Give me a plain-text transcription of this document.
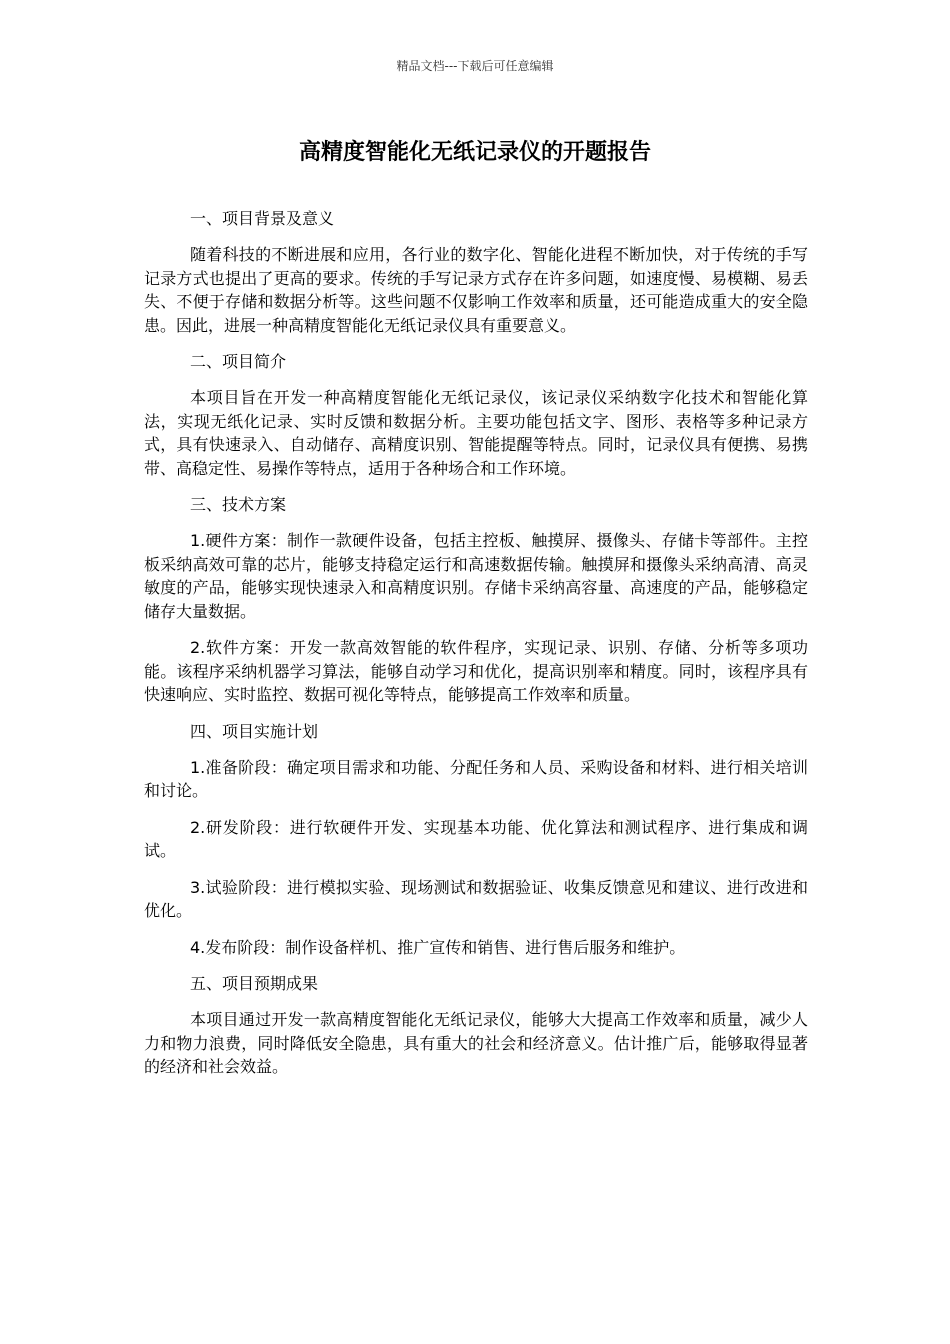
精品文档---下载后可任意编辑
高精度智能化无纸记录仪的开题报告

一、项目背景及意义

随着科技的不断进展和应用，各行业的数字化、智能化进程不断加快，对于传统的手写记录方式也提出了更高的要求。传统的手写记录方式存在许多问题，如速度慢、易模糊、易丢失、不便于存储和数据分析等。这些问题不仅影响工作效率和质量，还可能造成重大的安全隐患。因此，进展一种高精度智能化无纸记录仪具有重要意义。

二、项目简介

本项目旨在开发一种高精度智能化无纸记录仪，该记录仪采纳数字化技术和智能化算法，实现无纸化记录、实时反馈和数据分析。主要功能包括文字、图形、表格等多种记录方式，具有快速录入、自动储存、高精度识别、智能提醒等特点。同时，记录仪具有便携、易携带、高稳定性、易操作等特点，适用于各种场合和工作环境。

三、技术方案

1.硬件方案：制作一款硬件设备，包括主控板、触摸屏、摄像头、存储卡等部件。主控板采纳高效可靠的芯片，能够支持稳定运行和高速数据传输。触摸屏和摄像头采纳高清、高灵敏度的产品，能够实现快速录入和高精度识别。存储卡采纳高容量、高速度的产品，能够稳定储存大量数据。

2.软件方案：开发一款高效智能的软件程序，实现记录、识别、存储、分析等多项功能。该程序采纳机器学习算法，能够自动学习和优化，提高识别率和精度。同时，该程序具有快速响应、实时监控、数据可视化等特点，能够提高工作效率和质量。

四、项目实施计划

1.准备阶段：确定项目需求和功能、分配任务和人员、采购设备和材料、进行相关培训和讨论。

2.研发阶段：进行软硬件开发、实现基本功能、优化算法和测试程序、进行集成和调试。

3.试验阶段：进行模拟实验、现场测试和数据验证、收集反馈意见和建议、进行改进和优化。

4.发布阶段：制作设备样机、推广宣传和销售、进行售后服务和维护。

五、项目预期成果

本项目通过开发一款高精度智能化无纸记录仪，能够大大提高工作效率和质量，减少人力和物力浪费，同时降低安全隐患，具有重大的社会和经济意义。估计推广后，能够取得显著的经济和社会效益。
